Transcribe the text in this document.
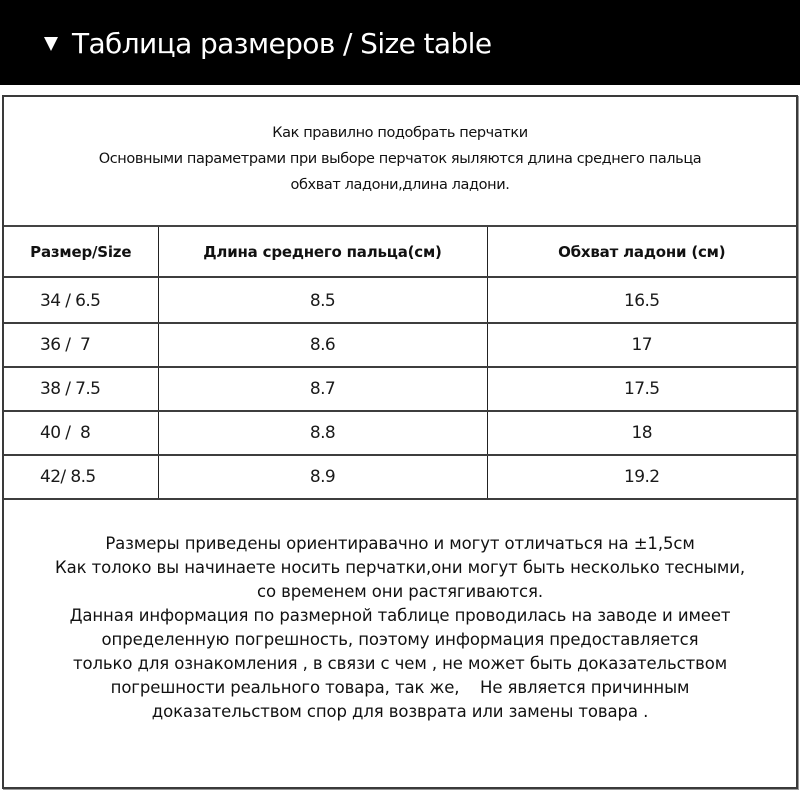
Таблица размеров / Size table
Как правилно подобрать перчатки
Основными параметрами при выборе перчаток яыляются длина среднего пальца
обхват ладони,длина ладони.
Размер/Size	Длина среднего пальца(см)	Обхват ладони (см)
34 / 6.5	8.5	16.5
36 /  7	8.6	17
38 / 7.5	8.7	17.5
40 /  8	8.8	18
42/ 8.5	8.9	19.2
Размеры приведены ориентиравачно и могут отличаться на ±1,5см
Как толоко вы начинаете носить перчатки,они могут быть несколько тесными,
со временем они растягиваются.
Данная информация по размерной таблице проводилась на заводе и имеет
определенную погрешность, поэтому информация предоставляется
только для ознакомления , в связи с чем , не может быть доказательством
погрешности реального товара, так же,    Не является причинным
доказательством спор для возврата или замены товара .
